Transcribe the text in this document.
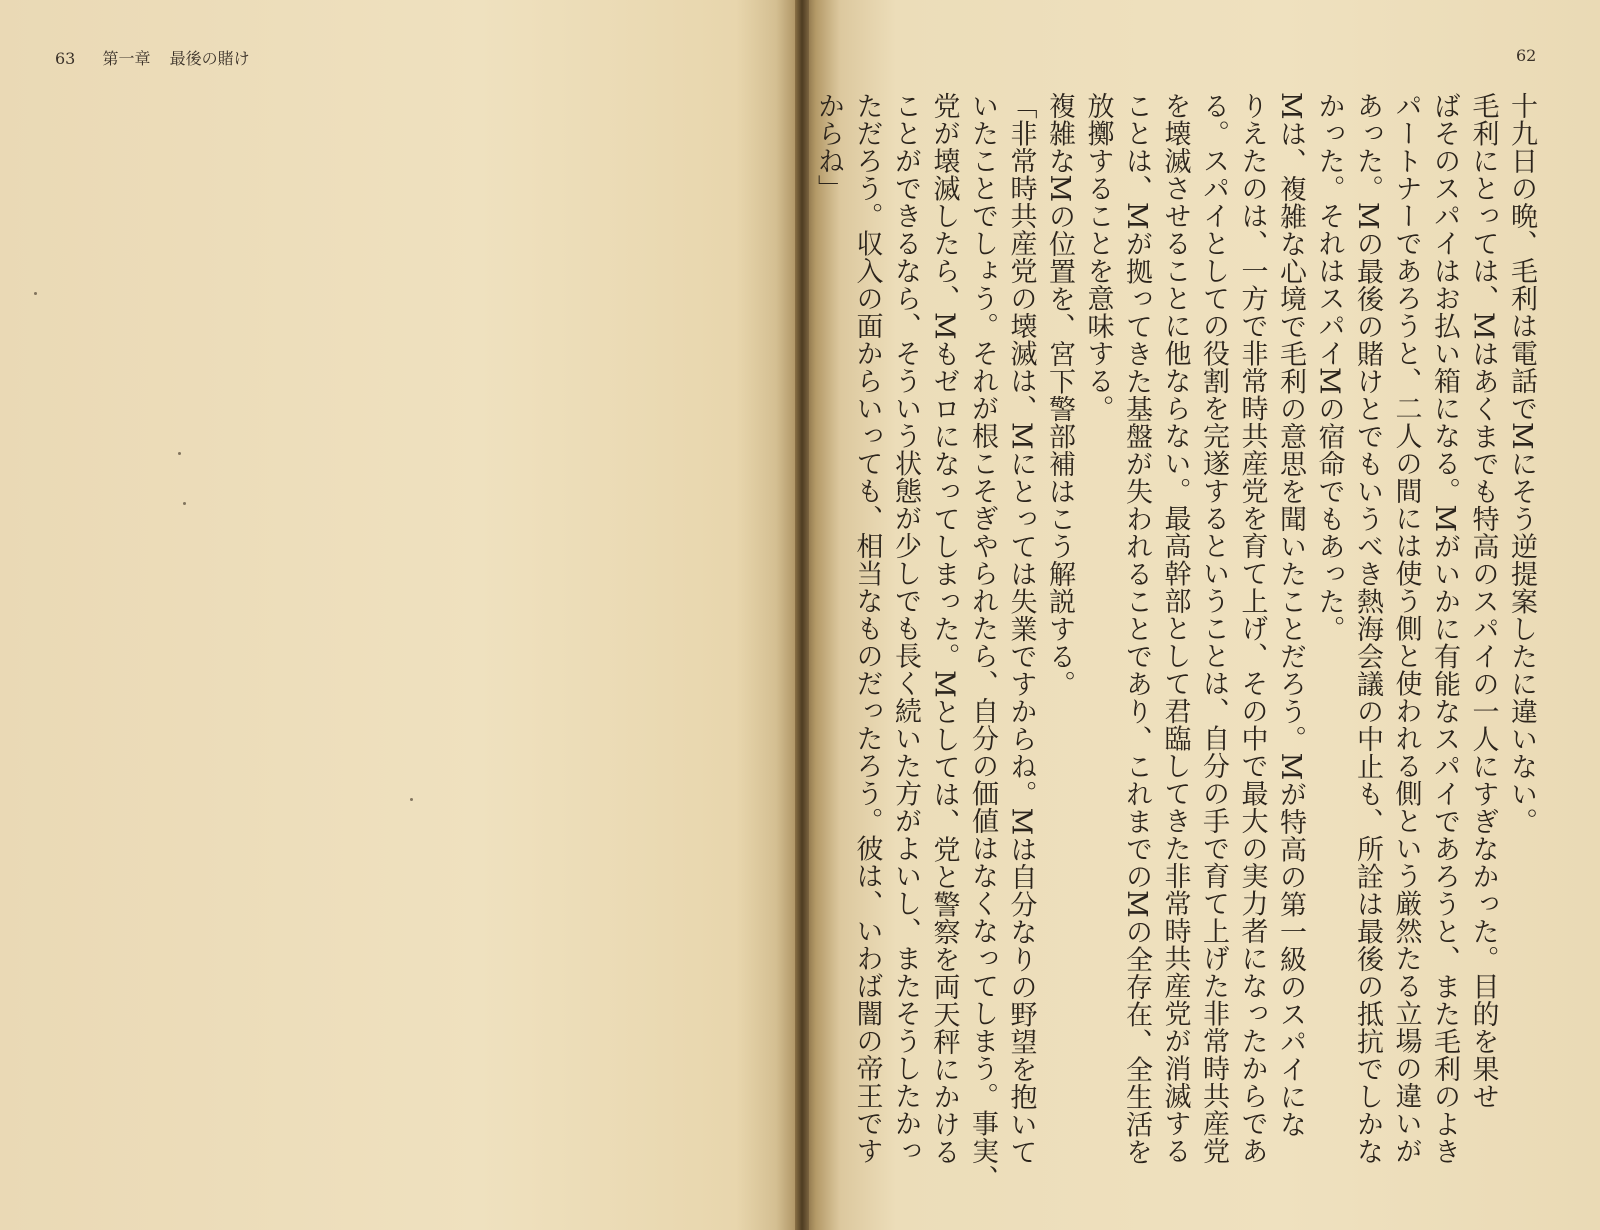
63 第一章 最後の賭け	62
十九日の晩、毛利は電話でMにそう逆提案したに違いない。
毛利にとっては、Mはあくまでも特高のスパイの一人にすぎなかった。目的を果せ
ばそのスパイはお払い箱になる。Mがいかに有能なスパイであろうと、また毛利のよき
パートナーであろうと、二人の間には使う側と使われる側という厳然たる立場の違いが
あった。Mの最後の賭けとでもいうべき熱海会議の中止も、所詮は最後の抵抗でしかな
かった。それはスパイMの宿命でもあった。
Mは、複雑な心境で毛利の意思を聞いたことだろう。Mが特高の第一級のスパイにな
りえたのは、一方で非常時共産党を育て上げ、その中で最大の実力者になったからであ
る。スパイとしての役割を完遂するということは、自分の手で育て上げた非常時共産党
を壊滅させることに他ならない。最高幹部として君臨してきた非常時共産党が消滅する
ことは、Mが拠ってきた基盤が失われることであり、これまでのMの全存在、全生活を
放擲することを意味する。
複雑なMの位置を、宮下警部補はこう解説する。
「非常時共産党の壊滅は、Mにとっては失業ですからね。Mは自分なりの野望を抱いて
いたことでしょう。それが根こそぎやられたら、自分の価値はなくなってしまう。事実、
党が壊滅したら、Mもゼロになってしまった。Mとしては、党と警察を両天秤にかける
ことができるなら、そういう状態が少しでも長く続いた方がよいし、またそうしたかっ
ただろう。収入の面からいっても、相当なものだったろう。彼は、いわば闇の帝王です
からね」
